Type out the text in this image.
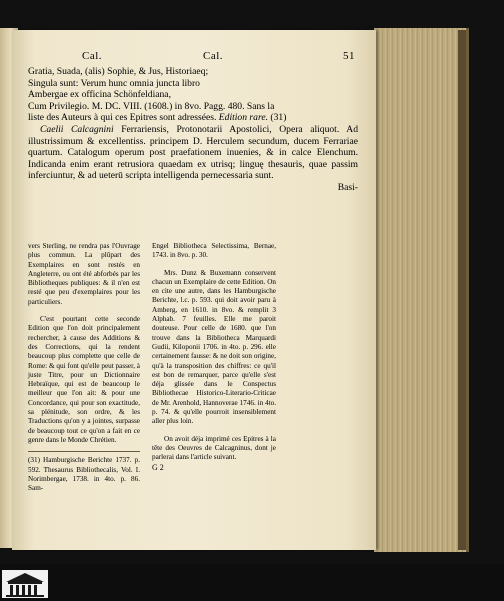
Cal.	Cal.	51

Gratia, Suada, (alis) Sophie, & Jus, Historiaeq;

Singula sunt: Verum hunc omnia juncta libro

Ambergae ex officina Schönfeldiana,

Cum Privilegio. M. DC. VIII. (1608.) in 8vo. Pagg. 480. Sans la

liste des Auteurs à qui ces Epitres sont adressées. Edition rare. (31)

Caelii Calcagnini Ferrariensis, Protonotarii Apostolici, Opera aliquot. Ad illustrissimum & excellentiss. principem D. Herculem secundum, ducem Ferrariae quartum. Catalogum operum post praefationem inuenies, & in calce Elenchum. Indicanda enim erant retrusiora quaedam ex utrisq; linguę thesauris, quae passim inferciuntur, & ad ueterū scripta intelligenda pernecessaria sunt.

Basi-

vers Sterling, ne rendra pas l'Ouvrage plus commun. La plûpart des Exemplaires en sont restés en Angleterre, ou ont été abforbés par les Bibliotheques publiques: & il n'en est resté que peu d'exemplaires pour les particuliers.

C'est pourtant cette seconde Edition que l'on doit principalement rechercher, à cause des Additions & des Corrections, qui la rendent beaucoup plus complette que celle de Rome: & qui font qu'elle peut passer, à juste Titre, pour un Dictionnaire Hebraïque, qui est de beaucoup le meilleur que l'on ait: & pour une Concordance, qui pour son exactitude, sa plénitude, son ordre, & les Traductions qu'on y a jointes, surpasse de beaucoup tout ce qu'on a fait en ce genre dans le Monde Chrétien.

(31) Hamburgische Berichte 1737. p. 592. Thesaurus Bibliothecalis, Vol. I. Norimbergae, 1738. in 4to. p. 86. Sam-

Engel Bibliotheca Selectissima, Bernae, 1743. in 8vo. p. 30.

Mrs. Dunz & Buxemann conservent chacun un Exemplaire de cette Edition. On en cite une autre, dans les Hamburgische Berichte, l.c. p. 593. qui doit avoir paru à Amberg, en 1610. in 8vo. & remplit 3 Alphab. 7 feuilles. Elle me paroit douteuse. Pour celle de 1680. que l'on trouve dans la Bibliotheca Marquardi Gudii, Kiloponii 1706. in 4to. p. 296. elle certainement fausse: & ne doit son origine, qu'à la transposition des chiffres: ce qu'il est bon de remarquer, parce qu'elle s'est déja glissée dans le Conspectus Bibliothecae Historico-Literario-Criticae de Mr. Arenhold, Hannoverae 1746. in 4to. p. 74. & qu'elle pourroit insensiblement aller plus loin.

On avoit déja imprimé ces Epitres à la tête des Oeuvres de Calcagninus, dont je parlerai dans l'article suivant.

G 2
